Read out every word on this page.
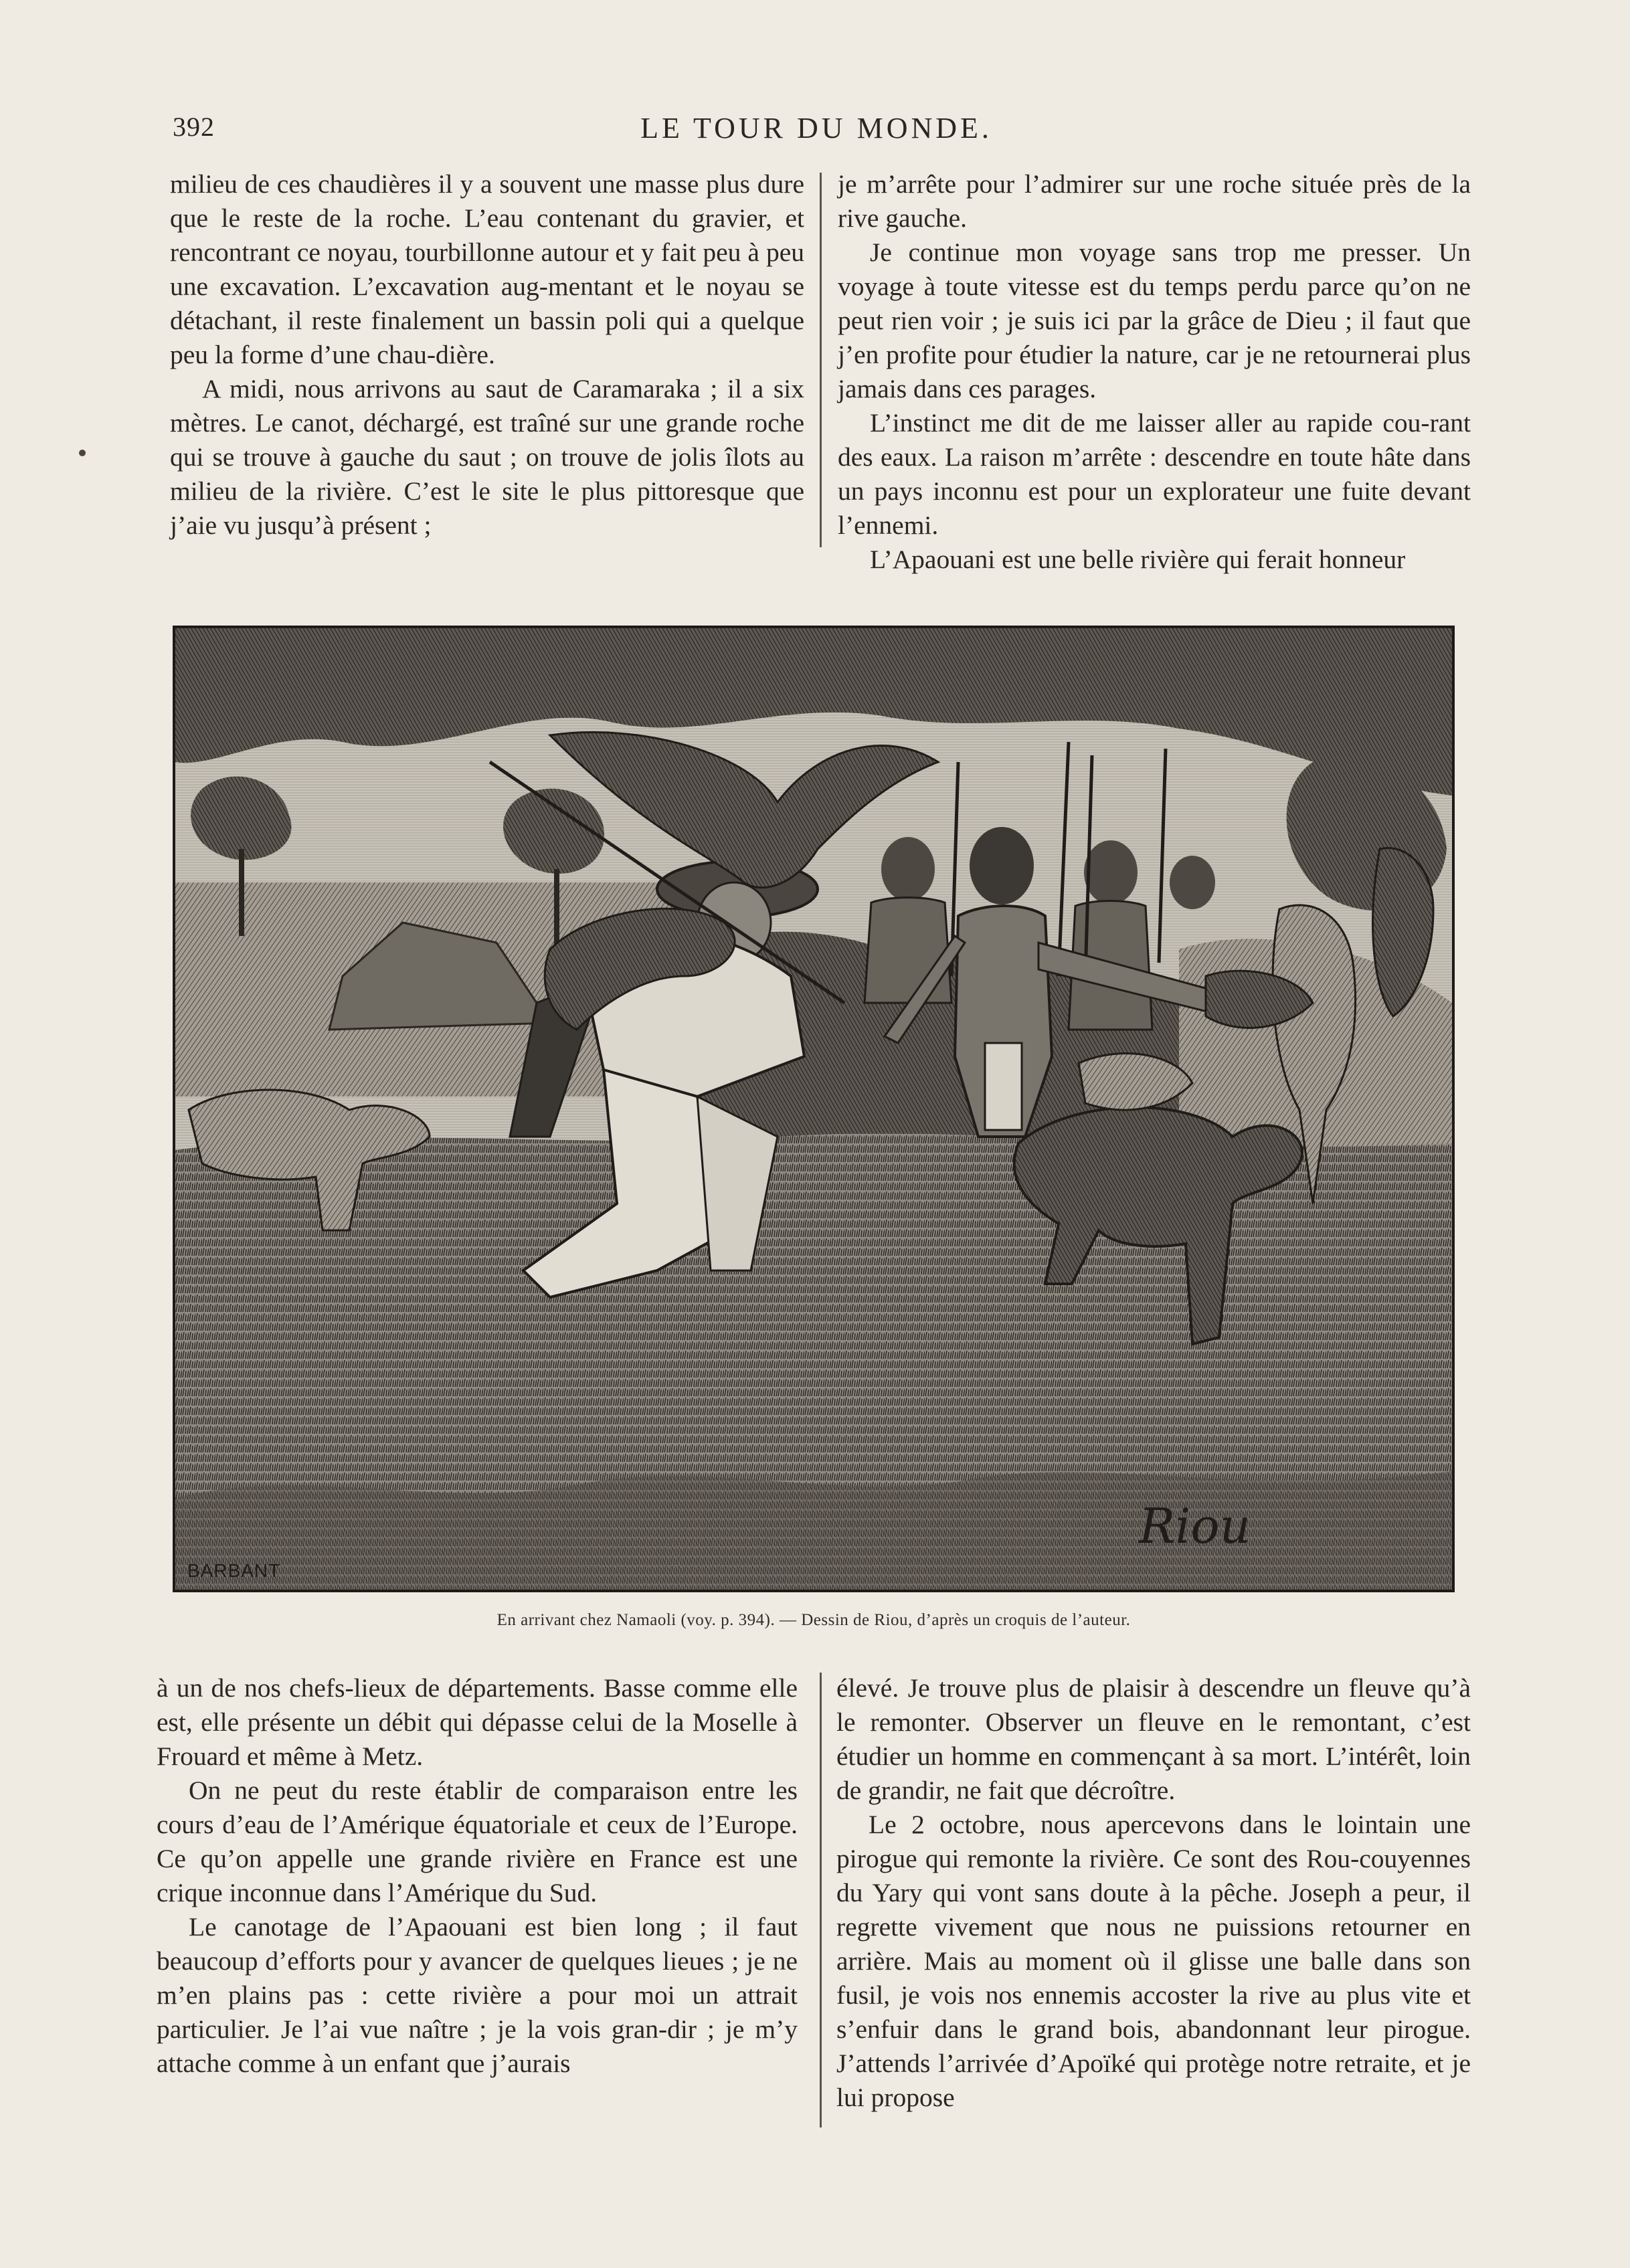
392	LE TOUR DU MONDE.

milieu de ces chaudières il y a souvent une masse plus dure que le reste de la roche. L’eau contenant du gravier, et rencontrant ce noyau, tourbillonne autour et y fait peu à peu une excavation. L’excavation aug-mentant et le noyau se détachant, il reste finalement un bassin poli qui a quelque peu la forme d’une chau-dière.

A midi, nous arrivons au saut de Caramaraka ; il a six mètres. Le canot, déchargé, est traîné sur une grande roche qui se trouve à gauche du saut ; on trouve de jolis îlots au milieu de la rivière. C’est le site le plus pittoresque que j’aie vu jusqu’à présent ;

je m’arrête pour l’admirer sur une roche située près de la rive gauche.

Je continue mon voyage sans trop me presser. Un voyage à toute vitesse est du temps perdu parce qu’on ne peut rien voir ; je suis ici par la grâce de Dieu ; il faut que j’en profite pour étudier la nature, car je ne retournerai plus jamais dans ces parages.

L’instinct me dit de me laisser aller au rapide cou-rant des eaux. La raison m’arrête : descendre en toute hâte dans un pays inconnu est pour un explorateur une fuite devant l’ennemi.

L’Apaouani est une belle rivière qui ferait honneur

BARBANT
Riou
En arrivant chez Namaoli (voy. p. 394). — Dessin de Riou, d’après un croquis de l’auteur.

à un de nos chefs-lieux de départements. Basse comme elle est, elle présente un débit qui dépasse celui de la Moselle à Frouard et même à Metz.

On ne peut du reste établir de comparaison entre les cours d’eau de l’Amérique équatoriale et ceux de l’Europe. Ce qu’on appelle une grande rivière en France est une crique inconnue dans l’Amérique du Sud.

Le canotage de l’Apaouani est bien long ; il faut beaucoup d’efforts pour y avancer de quelques lieues ; je ne m’en plains pas : cette rivière a pour moi un attrait particulier. Je l’ai vue naître ; je la vois gran-dir ; je m’y attache comme à un enfant que j’aurais

élevé. Je trouve plus de plaisir à descendre un fleuve qu’à le remonter. Observer un fleuve en le remontant, c’est étudier un homme en commençant à sa mort. L’intérêt, loin de grandir, ne fait que décroître.

Le 2 octobre, nous apercevons dans le lointain une pirogue qui remonte la rivière. Ce sont des Rou-couyennes du Yary qui vont sans doute à la pêche. Joseph a peur, il regrette vivement que nous ne puissions retourner en arrière. Mais au moment où il glisse une balle dans son fusil, je vois nos ennemis accoster la rive au plus vite et s’enfuir dans le grand bois, abandonnant leur pirogue. J’attends l’arrivée d’Apoïké qui protège notre retraite, et je lui propose
